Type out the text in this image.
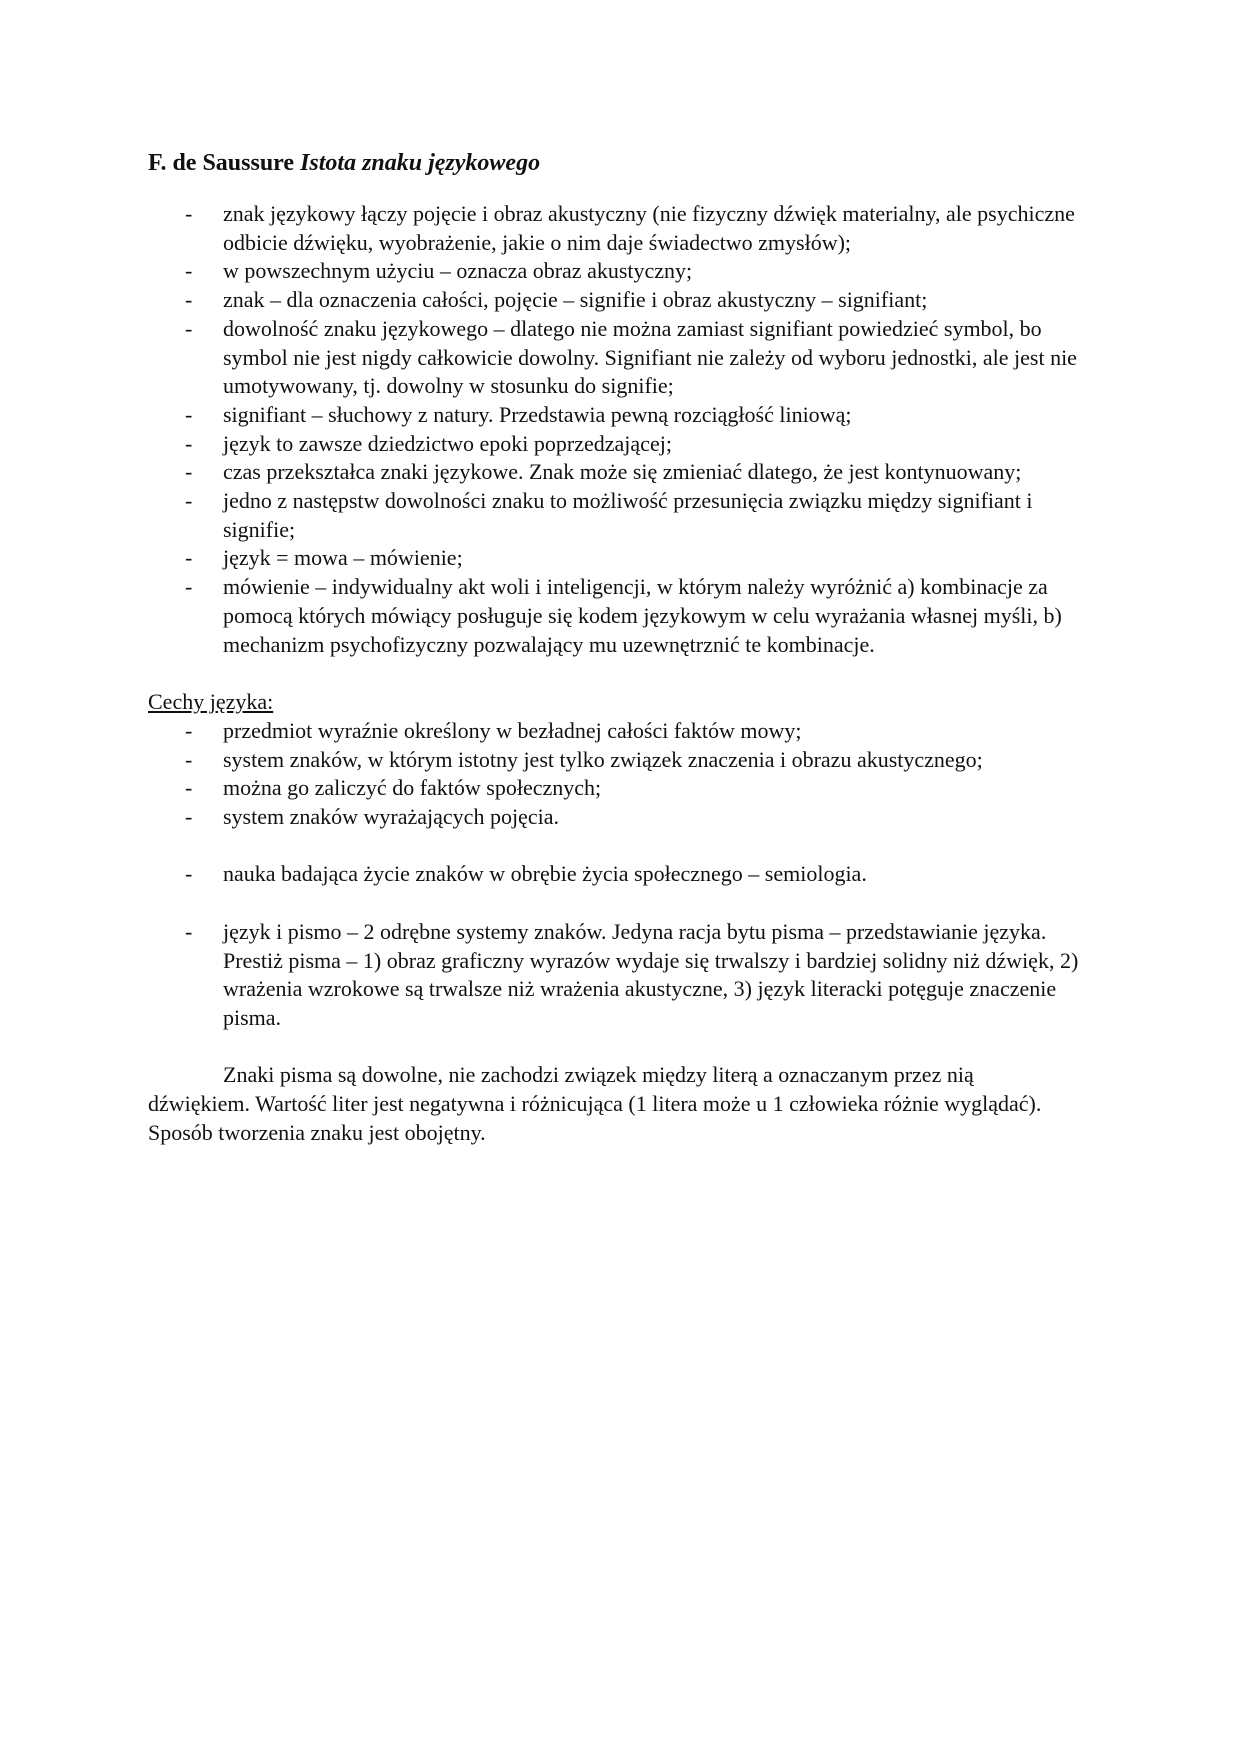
F. de Saussure Istota znaku językowego
- znak językowy łączy pojęcie i obraz akustyczny (nie fizyczny dźwięk materialny, ale psychiczne odbicie dźwięku, wyobrażenie, jakie o nim daje świadectwo zmysłów);
- w powszechnym użyciu – oznacza obraz akustyczny;
- znak – dla oznaczenia całości, pojęcie – signifie i obraz akustyczny – signifiant;
- dowolność znaku językowego – dlatego nie można zamiast signifiant powiedzieć symbol, bo symbol nie jest nigdy całkowicie dowolny. Signifiant nie zależy od wyboru jednostki, ale jest nie umotywowany, tj. dowolny w stosunku do signifie;
- signifiant – słuchowy z natury. Przedstawia pewną rozciągłość liniową;
- język to zawsze dziedzictwo epoki poprzedzającej;
- czas przekształca znaki językowe. Znak może się zmieniać dlatego, że jest kontynuowany;
- jedno z następstw dowolności znaku to możliwość przesunięcia związku między signifiant i signifie;
- język = mowa – mówienie;
- mówienie – indywidualny akt woli i inteligencji, w którym należy wyróżnić a) kombinacje za pomocą których mówiący posługuje się kodem językowym w celu wyrażania własnej myśli, b) mechanizm psychofizyczny pozwalający mu uzewnętrznić te kombinacje.
Cechy języka:
- przedmiot wyraźnie określony w bezładnej całości faktów mowy;
- system znaków, w którym istotny jest tylko związek znaczenia i obrazu akustycznego;
- można go zaliczyć do faktów społecznych;
- system znaków wyrażających pojęcia.
- nauka badająca życie znaków w obrębie życia społecznego – semiologia.
- język i pismo – 2 odrębne systemy znaków. Jedyna racja bytu pisma – przedstawianie języka. Prestiż pisma – 1) obraz graficzny wyrazów wydaje się trwalszy i bardziej solidny niż dźwięk, 2) wrażenia wzrokowe są trwalsze niż wrażenia akustyczne, 3) język literacki potęguje znaczenie pisma.
Znaki pisma są dowolne, nie zachodzi związek między literą a oznaczanym przez nią dźwiękiem. Wartość liter jest negatywna i różnicująca (1 litera może u 1 człowieka różnie wyglądać). Sposób tworzenia znaku jest obojętny.
